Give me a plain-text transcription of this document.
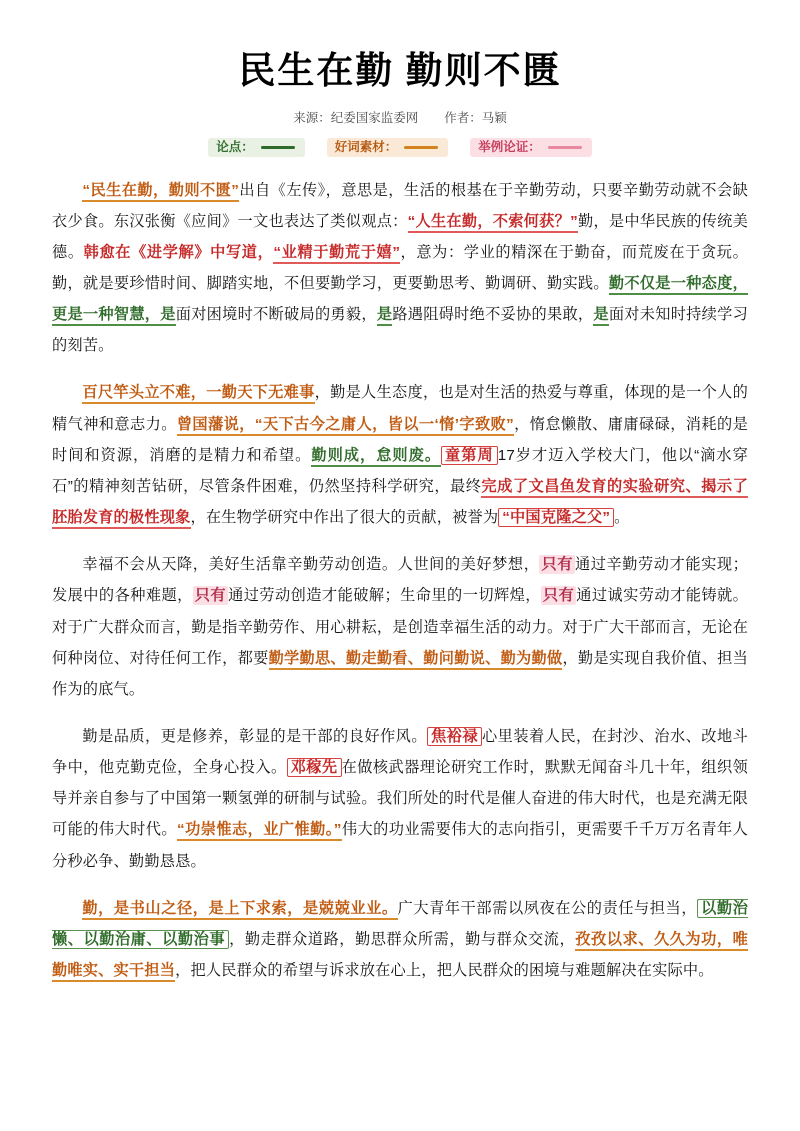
民生在勤 勤则不匮
来源：纪委国家监委网 作者：马颖
论点：	好词素材：	举例论证：

“民生在勤，勤则不匮”出自《左传》，意思是，生活的根基在于辛勤劳动，只要辛勤劳动就不会缺衣少食。东汉张衡《应间》一文也表达了类似观点：“人生在勤，不索何获？”勤，是中华民族的传统美德。韩愈在《进学解》中写道，“业精于勤荒于嬉”，意为：学业的精深在于勤奋，而荒废在于贪玩。勤，就是要珍惜时间、脚踏实地，不但要勤学习，更要勤思考、勤调研、勤实践。勤不仅是一种态度，更是一种智慧，是面对困境时不断破局的勇毅，是路遇阻碍时绝不妥协的果敢，是面对未知时持续学习的刻苦。

百尺竿头立不难，一勤天下无难事，勤是人生态度，也是对生活的热爱与尊重，体现的是一个人的精气神和意志力。曾国藩说，“天下古今之庸人，皆以一‘惰’字致败”，惰怠懒散、庸庸碌碌，消耗的是时间和资源，消磨的是精力和希望。勤则成，怠则废。 童第周 17岁才迈入学校大门，他以“滴水穿石”的精神刻苦钻研，尽管条件困难，仍然坚持科学研究，最终完成了文昌鱼发育的实验研究、揭示了胚胎发育的极性现象，在生物学研究中作出了很大的贡献，被誉为 “中国克隆之父” 。

幸福不会从天降，美好生活靠辛勤劳动创造。人世间的美好梦想， 只有 通过辛勤劳动才能实现；发展中的各种难题， 只有 通过劳动创造才能破解；生命里的一切辉煌， 只有 通过诚实劳动才能铸就。对于广大群众而言，勤是指辛勤劳作、用心耕耘，是创造幸福生活的动力。对于广大干部而言，无论在何种岗位、对待任何工作，都要勤学勤思、勤走勤看、勤问勤说、勤为勤做，勤是实现自我价值、担当作为的底气。

勤是品质，更是修养，彰显的是干部的良好作风。 焦裕禄 心里装着人民，在封沙、治水、改地斗争中，他克勤克俭，全身心投入。 邓稼先 在做核武器理论研究工作时，默默无闻奋斗几十年，组织领导并亲自参与了中国第一颗氢弹的研制与试验。我们所处的时代是催人奋进的伟大时代，也是充满无限可能的伟大时代。“功崇惟志，业广惟勤。”伟大的功业需要伟大的志向指引，更需要千千万万名青年人分秒必争、勤勤恳恳。

勤，是书山之径，是上下求索，是兢兢业业。广大青年干部需以夙夜在公的责任与担当， 以勤治懒、以勤治庸、以勤治事 ，勤走群众道路，勤思群众所需，勤与群众交流，孜孜以求、久久为功，唯勤唯实、实干担当，把人民群众的希望与诉求放在心上，把人民群众的困境与难题解决在实际中。
